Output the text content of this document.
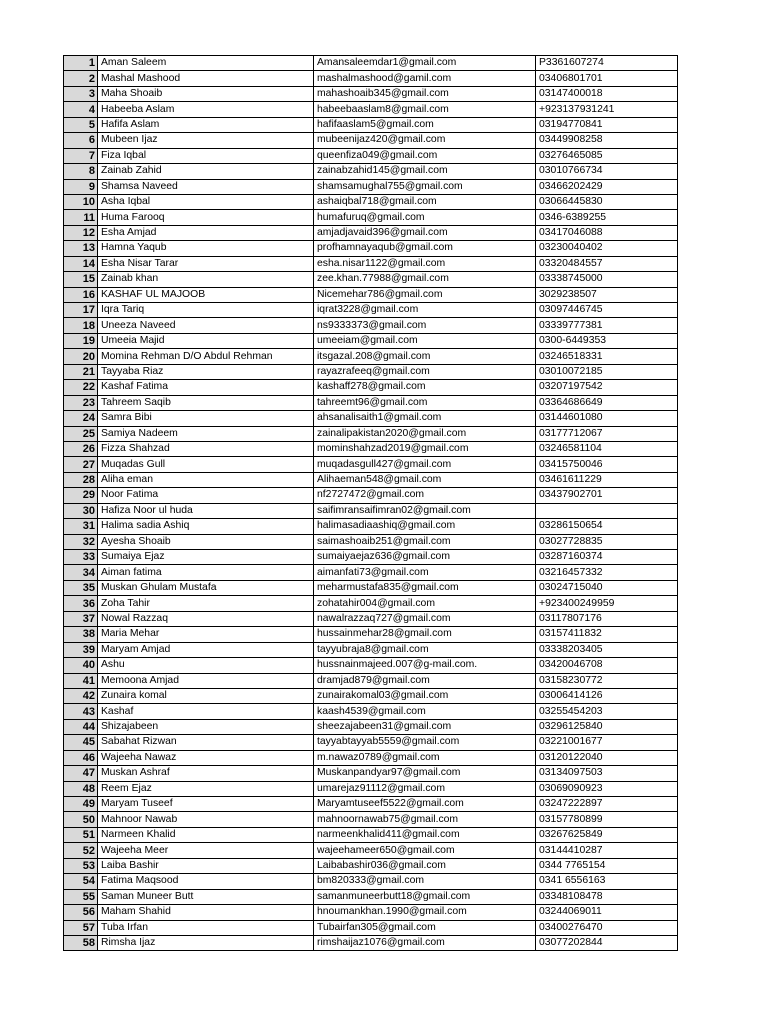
1	Aman Saleem	Amansaleemdar1@gmail.com	P3361607274
2	Mashal Mashood	mashalmashood@gamil.com	03406801701
3	Maha Shoaib	mahashoaib345@gmail.com	03147400018
4	Habeeba Aslam	habeebaaslam8@gmail.com	+923137931241
5	Hafifa Aslam	hafifaaslam5@gmail.com	03194770841
6	Mubeen Ijaz	mubeenijaz420@gmail.com	03449908258
7	Fiza Iqbal	queenfiza049@gmail.com	03276465085
8	Zainab Zahid	zainabzahid145@gmail.com	03010766734
9	Shamsa Naveed	shamsamughal755@gmail.com	03466202429
10	Asha Iqbal	ashaiqbal718@gmail.com	03066445830
11	Huma Farooq	humafuruq@gmail.com	0346-6389255
12	Esha Amjad	amjadjavaid396@gmail.com	03417046088
13	Hamna Yaqub	profhamnayaqub@gmail.com	03230040402
14	Esha Nisar Tarar	esha.nisar1122@gmail.com	03320484557
15	Zainab khan	zee.khan.77988@gmail.com	03338745000
16	KASHAF UL MAJOOB	Nicemehar786@gmail.com	3029238507
17	Iqra Tariq	iqrat3228@gmail.com	03097446745
18	Uneeza Naveed	ns9333373@gmail.com	03339777381
19	Umeeia Majid	umeeiam@gmail.com	0300-6449353
20	Momina Rehman D/O Abdul Rehman	itsgazal.208@gmail.com	03246518331
21	Tayyaba Riaz	rayazrafeeq@gmail.com	03010072185
22	Kashaf Fatima	kashaff278@gmail.com	03207197542
23	Tahreem Saqib	tahreemt96@gmail.com	03364686649
24	Samra Bibi	ahsanalisaith1@gmail.com	03144601080
25	Samiya Nadeem	zainalipakistan2020@gmail.com	03177712067
26	Fizza Shahzad	mominshahzad2019@gmail.com	03246581104
27	Muqadas Gull	muqadasgull427@gmail.com	03415750046
28	Aliha eman	Alihaeman548@gmail.com	03461611229
29	Noor Fatima	nf2727472@gmail.com	03437902701
30	Hafiza Noor ul huda	saifimransaifimran02@gmail.com	
31	Halima sadia Ashiq	halimasadiaashiq@gmail.com	03286150654
32	Ayesha Shoaib	saimashoaib251@gmail.com	03027728835
33	Sumaiya Ejaz	sumaiyaejaz636@gmail.com	03287160374
34	Aiman fatima	aimanfati73@gmail.com	03216457332
35	Muskan Ghulam Mustafa	meharmustafa835@gmail.com	03024715040
36	Zoha Tahir	zohatahir004@gmail.com	+923400249959
37	Nowal Razzaq	nawalrazzaq727@gmail.com	03117807176
38	Maria Mehar	hussainmehar28@gmail.com	03157411832
39	Maryam Amjad	tayyubraja8@gmail.com	03338203405
40	Ashu	hussnainmajeed.007@g-mail.com.	03420046708
41	Memoona Amjad	dramjad879@gmail.com	03158230772
42	Zunaira komal	zunairakomal03@gmail.com	03006414126
43	Kashaf	kaash4539@gmail.com	03255454203
44	Shizajabeen	sheezajabeen31@gmail.com	03296125840
45	Sabahat Rizwan	tayyabtayyab5559@gmail.com	03221001677
46	Wajeeha Nawaz	m.nawaz0789@gmail.com	03120122040
47	Muskan Ashraf	Muskanpandyar97@gmail.com	03134097503
48	Reem Ejaz	umarejaz91112@gmail.com	03069090923
49	Maryam Tuseef	Maryamtuseef5522@gmail.com	03247222897
50	Mahnoor Nawab	mahnoornawab75@gmail.com	03157780899
51	Narmeen Khalid	narmeenkhalid411@gmail.com	03267625849
52	Wajeeha Meer	wajeehameer650@gmail.com	03144410287
53	Laiba Bashir	Laibabashir036@gmail.com	0344 7765154
54	Fatima Maqsood	bm820333@gmail.com	0341 6556163
55	Saman Muneer Butt	samanmuneerbutt18@gmail.com	03348108478
56	Maham Shahid	hnoumankhan.1990@gmail.com	03244069011
57	Tuba Irfan	Tubairfan305@gmail.com	03400276470
58	Rimsha Ijaz	rimshaijaz1076@gmail.com	03077202844
